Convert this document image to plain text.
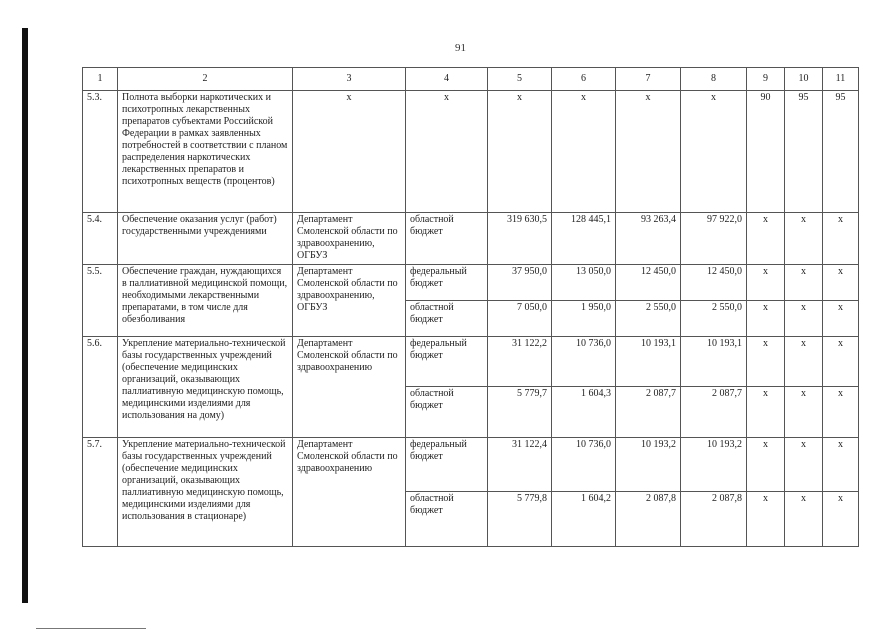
91
1	2	3	4	5	6	7	8	9	10	11
5.3.	Полнота выборки наркотических и психотропных лекарственных препаратов субъектами Российской Федерации в рамках заявленных потребностей в соответствии с планом распределения наркотических лекарственных препаратов и психотропных веществ (процентов)	х	х	х	х	х	х	90	95	95
5.4.	Обеспечение оказания услуг (работ) государственными учреждениями	Департамент Смоленской области по здравоохранению, ОГБУЗ	областной бюджет	319 630,5	128 445,1	93 263,4	97 922,0	х	х	х
5.5.	Обеспечение граждан, нуждающихся в паллиативной медицинской помощи, необходимыми лекарственными препаратами, в том числе для обезболивания	Департамент Смоленской области по здравоохранению, ОГБУЗ	федеральный бюджет	37 950,0	13 050,0	12 450,0	12 450,0	х	х	х
			областной бюджет	7 050,0	1 950,0	2 550,0	2 550,0	х	х	х
5.6.	Укрепление материально-технической базы государственных учреждений (обеспечение медицинских организаций, оказывающих паллиативную медицинскую помощь, медицинскими изделиями для использования на дому)	Департамент Смоленской области по здравоохранению	федеральный бюджет	31 122,2	10 736,0	10 193,1	10 193,1	х	х	х
			областной бюджет	5 779,7	1 604,3	2 087,7	2 087,7	х	х	х
5.7.	Укрепление материально-технической базы государственных учреждений (обеспечение медицинских организаций, оказывающих паллиативную медицинскую помощь, медицинскими изделиями для использования в стационаре)	Департамент Смоленской области по здравоохранению	федеральный бюджет	31 122,4	10 736,0	10 193,2	10 193,2	х	х	х
			областной бюджет	5 779,8	1 604,2	2 087,8	2 087,8	х	х	х
